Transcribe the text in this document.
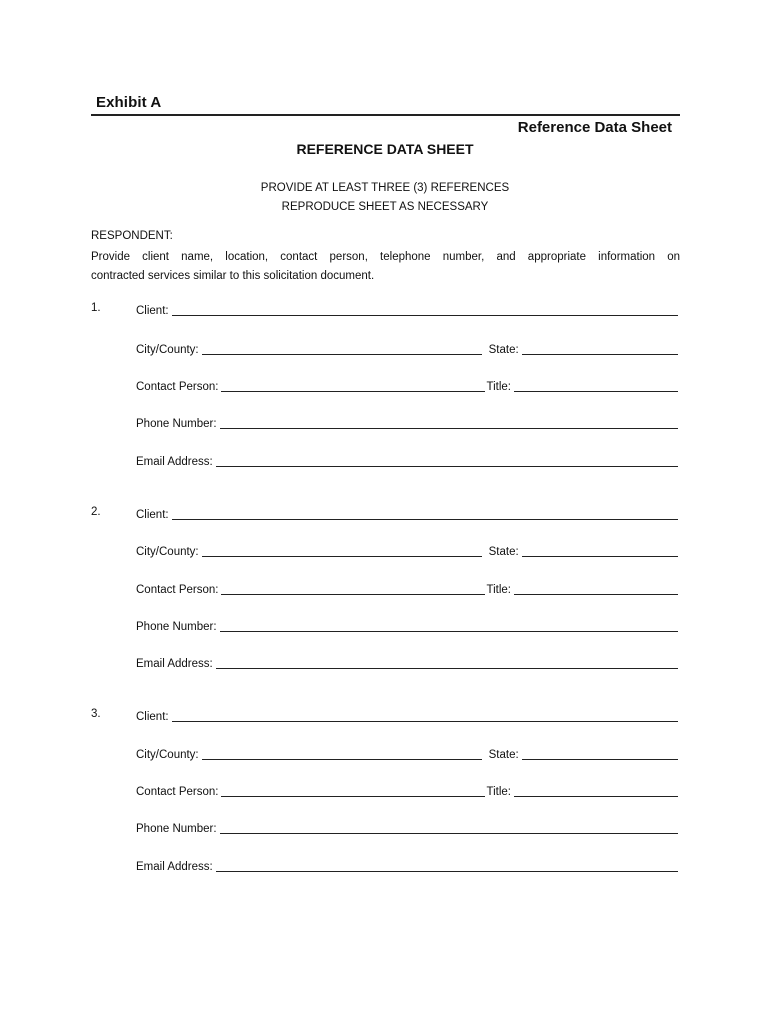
Exhibit A
Reference Data Sheet
REFERENCE DATA SHEET
PROVIDE AT LEAST THREE (3) REFERENCES
REPRODUCE SHEET AS NECESSARY
RESPONDENT:
Provide client name, location, contact person, telephone number, and appropriate information on
contracted services similar to this solicitation document.
1.	Client:
City/County:	State:
Contact Person:	Title:
Phone Number:
Email Address:
2.	Client:
City/County:	State:
Contact Person:	Title:
Phone Number:
Email Address:
3.	Client:
City/County:	State:
Contact Person:	Title:
Phone Number:
Email Address:
